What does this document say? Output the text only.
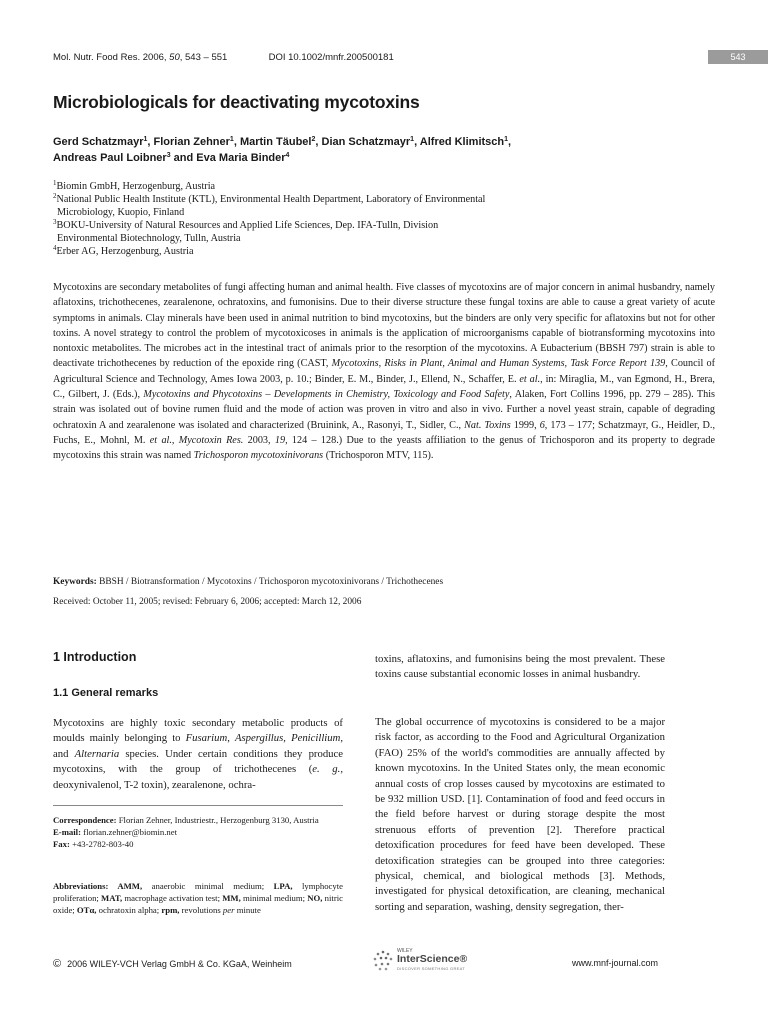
Mol. Nutr. Food Res. 2006, 50, 543 – 551	DOI 10.1002/mnfr.200500181	543
Microbiologicals for deactivating mycotoxins
Gerd Schatzmayr$^1$, Florian Zehner$^1$, Martin Täubel$^2$, Dian Schatzmayr$^1$, Alfred Klimitsch$^1$,
Andreas Paul Loibner$^3$ and Eva Maria Binder$^4$
$^1$Biomin GmbH, Herzogenburg, Austria
$^2$National Public Health Institute (KTL), Environmental Health Department, Laboratory of Environmental
Microbiology, Kuopio, Finland
$^3$BOKU-University of Natural Resources and Applied Life Sciences, Dep. IFA-Tulln, Division
Environmental Biotechnology, Tulln, Austria
$^4$Erber AG, Herzogenburg, Austria
Mycotoxins are secondary metabolites of fungi affecting human and animal health. Five classes of mycotoxins are of major concern in animal husbandry, namely aflatoxins, trichothecenes, zearalenone, ochratoxins, and fumonisins. Due to their diverse structure these fungal toxins are able to cause a great variety of acute symptoms in animals. Clay minerals have been used in animal nutrition to bind mycotoxins, but the binders are only very specific for aflatoxins but not for other toxins. A novel strategy to control the problem of mycotoxicoses in animals is the application of microorganisms capable of biotransforming mycotoxins into nontoxic metabolites. The microbes act in the intestinal tract of animals prior to the resorption of the mycotoxins. A Eubacterium (BBSH 797) strain is able to deactivate trichothecenes by reduction of the epoxide ring (CAST, Mycotoxins, Risks in Plant, Animal and Human Systems, Task Force Report 139, Council of Agricultural Science and Technology, Ames Iowa 2003, p. 10.; Binder, E. M., Binder, J., Ellend, N., Schaffer, E. et al., in: Miraglia, M., van Egmond, H., Brera, C., Gilbert, J. (Eds.), Mycotoxins and Phycotoxins – Developments in Chemistry, Toxicology and Food Safety, Alaken, Fort Collins 1996, pp. 279 – 285). This strain was isolated out of bovine rumen fluid and the mode of action was proven in vitro and also in vivo. Further a novel yeast strain, capable of degrading ochratoxin A and zearalenone was isolated and characterized (Bruinink, A., Rasonyi, T., Sidler, C., Nat. Toxins 1999, 6, 173 – 177; Schatzmayr, G., Heidler, D., Fuchs, E., Mohnl, M. et al., Mycotoxin Res. 2003, 19, 124 – 128.) Due to the yeasts affiliation to the genus of Trichosporon and its property to degrade mycotoxins this strain was named Trichosporon mycotoxinivorans (Trichosporon MTV, 115).
Keywords: BBSH / Biotransformation / Mycotoxins / Trichosporon mycotoxinivorans / Trichothecenes
Received: October 11, 2005; revised: February 6, 2006; accepted: March 12, 2006
1 Introduction
1.1 General remarks
Mycotoxins are highly toxic secondary metabolic products of moulds mainly belonging to Fusarium, Aspergillus, Penicillium, and Alternaria species. Under certain conditions they produce mycotoxins, with the group of trichothecenes (e. g., deoxynivalenol, T-2 toxin), zearalenone, ochra-
Correspondence: Florian Zehner, Industriestr., Herzogenburg 3130, Austria
E-mail: florian.zehner@biomin.net
Fax: +43-2782-803-40
Abbreviations: AMM, anaerobic minimal medium; LPA, lymphocyte proliferation; MAT, macrophage activation test; MM, minimal medium; NO, nitric oxide; OTα, ochratoxin alpha; rpm, revolutions per minute
toxins, aflatoxins, and fumonisins being the most prevalent. These toxins cause substantial economic losses in animal husbandry.
The global occurrence of mycotoxins is considered to be a major risk factor, as according to the Food and Agricultural Organization (FAO) 25% of the world's commodities are annually affected by known mycotoxins. In the United States only, the mean economic annual costs of crop losses caused by mycotoxins are estimated to be 932 million USD. [1]. Contamination of food and feed occurs in the field before harvest or during storage despite the most strenuous efforts of prevention [2]. Therefore practical detoxification procedures for feed have been developed. These detoxification strategies can be grouped into three categories: physical, chemical, and biological methods [3]. Methods, investigated for physical detoxification, are cleaning, mechanical sorting and separation, washing, density segregation, ther-
© 2006 WILEY-VCH Verlag GmbH & Co. KGaA, Weinheim
WILEY
InterScience®
DISCOVER SOMETHING GREAT
www.mnf-journal.com
